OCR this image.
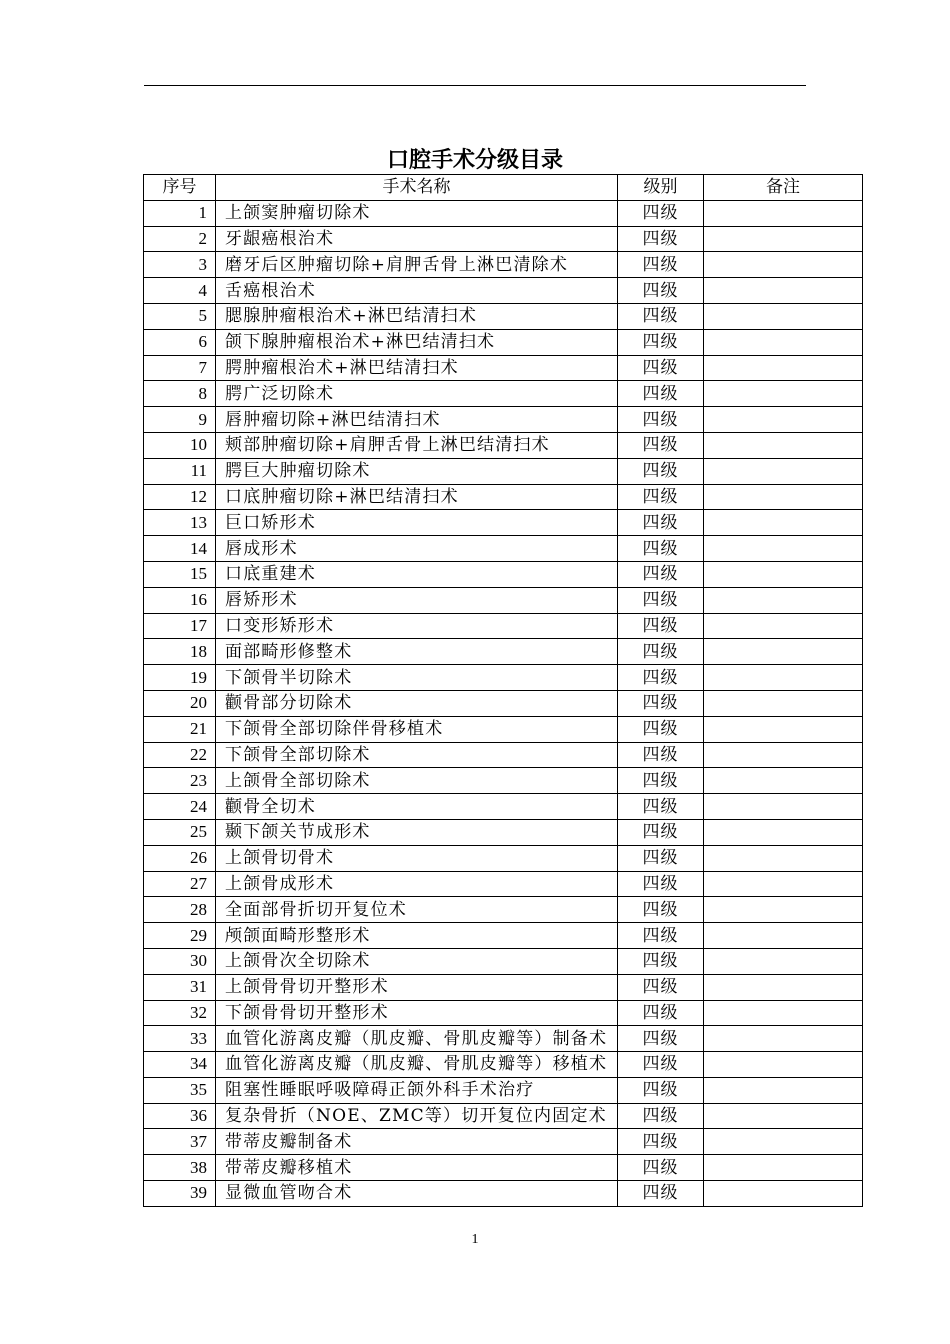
口腔手术分级目录
序号	手术名称	级别	备注
1	上颌窦肿瘤切除术	四级	
2	牙龈癌根治术	四级	
3	磨牙后区肿瘤切除+肩胛舌骨上淋巴清除术	四级	
4	舌癌根治术	四级	
5	腮腺肿瘤根治术+淋巴结清扫术	四级	
6	颌下腺肿瘤根治术+淋巴结清扫术	四级	
7	腭肿瘤根治术+淋巴结清扫术	四级	
8	腭广泛切除术	四级	
9	唇肿瘤切除+淋巴结清扫术	四级	
10	颊部肿瘤切除+肩胛舌骨上淋巴结清扫术	四级	
11	腭巨大肿瘤切除术	四级	
12	口底肿瘤切除+淋巴结清扫术	四级	
13	巨口矫形术	四级	
14	唇成形术	四级	
15	口底重建术	四级	
16	唇矫形术	四级	
17	口变形矫形术	四级	
18	面部畸形修整术	四级	
19	下颌骨半切除术	四级	
20	颧骨部分切除术	四级	
21	下颌骨全部切除伴骨移植术	四级	
22	下颌骨全部切除术	四级	
23	上颌骨全部切除术	四级	
24	颧骨全切术	四级	
25	颞下颌关节成形术	四级	
26	上颌骨切骨术	四级	
27	上颌骨成形术	四级	
28	全面部骨折切开复位术	四级	
29	颅颌面畸形整形术	四级	
30	上颌骨次全切除术	四级	
31	上颌骨骨切开整形术	四级	
32	下颌骨骨切开整形术	四级	
33	血管化游离皮瓣（肌皮瓣、骨肌皮瓣等）制备术	四级	
34	血管化游离皮瓣（肌皮瓣、骨肌皮瓣等）移植术	四级	
35	阻塞性睡眠呼吸障碍正颌外科手术治疗	四级	
36	复杂骨折（NOE、ZMC等）切开复位内固定术	四级	
37	带蒂皮瓣制备术	四级	
38	带蒂皮瓣移植术	四级	
39	显微血管吻合术	四级	
1
